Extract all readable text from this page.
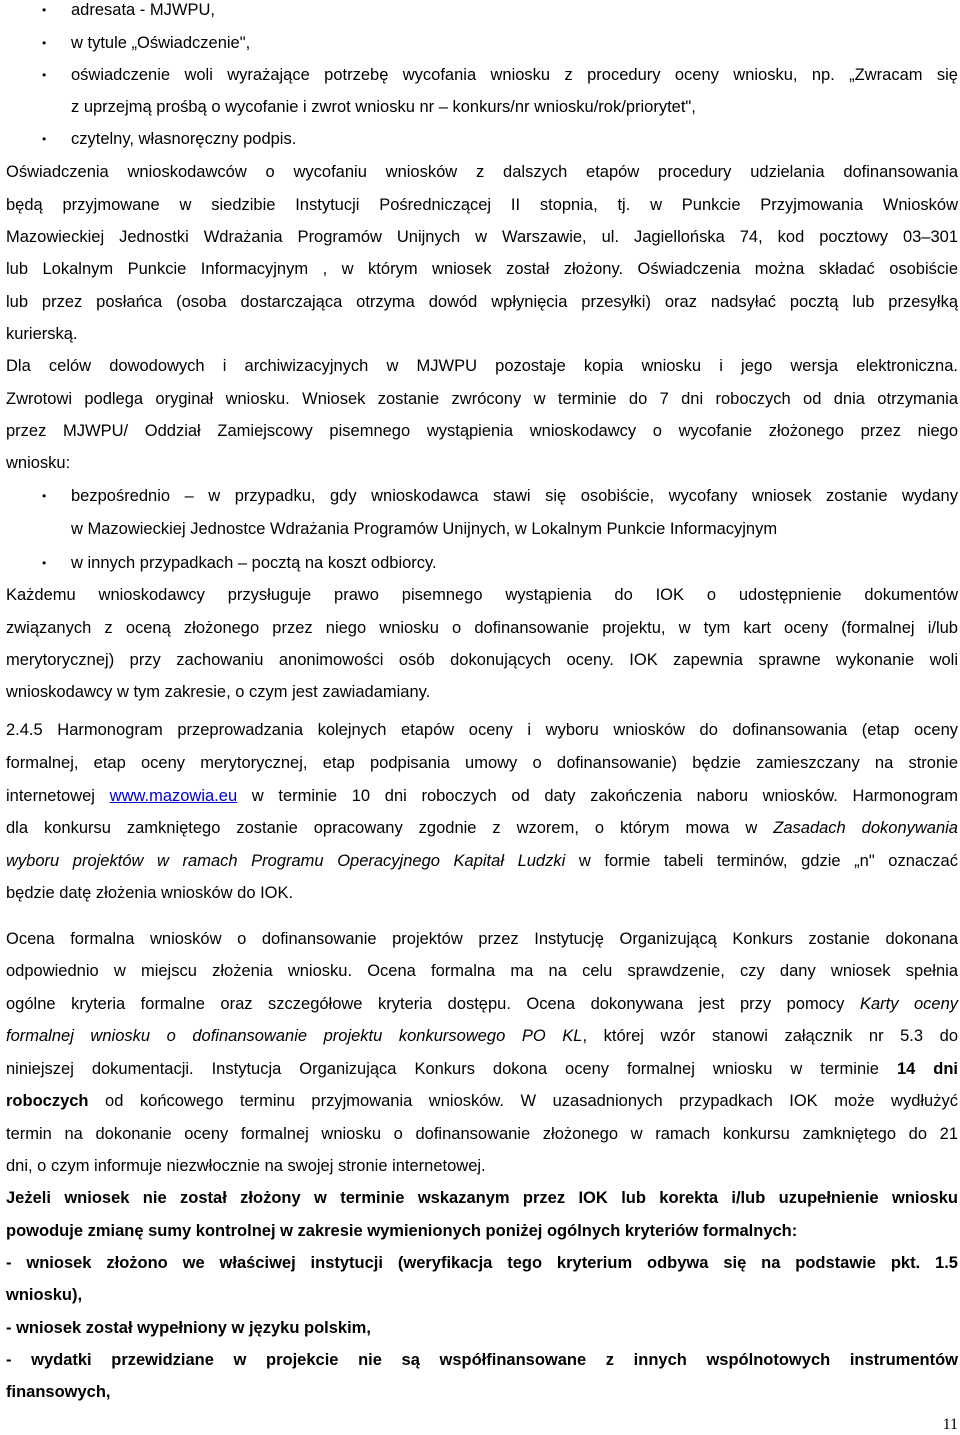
• adresata - MJWPU,
• w tytule „Oświadczenie",
• oświadczenie woli wyrażające potrzebę wycofania wniosku z procedury oceny wniosku, np. „Zwracam się
z uprzejmą prośbą o wycofanie i zwrot wniosku nr – konkurs/nr wniosku/rok/priorytet",
• czytelny, własnoręczny podpis.
Oświadczenia wnioskodawców o wycofaniu wniosków z dalszych etapów procedury udzielania dofinansowania
będą przyjmowane w siedzibie Instytucji Pośredniczącej II stopnia, tj. w Punkcie Przyjmowania Wniosków
Mazowieckiej Jednostki Wdrażania Programów Unijnych w Warszawie, ul. Jagiellońska 74, kod pocztowy 03–301
lub Lokalnym Punkcie Informacyjnym , w którym wniosek został złożony. Oświadczenia można składać osobiście
lub przez posłańca (osoba dostarczająca otrzyma dowód wpłynięcia przesyłki) oraz nadsyłać pocztą lub przesyłką
kurierską.
Dla celów dowodowych i archiwizacyjnych w MJWPU pozostaje kopia wniosku i jego wersja elektroniczna.
Zwrotowi podlega oryginał wniosku. Wniosek zostanie zwrócony w terminie do 7 dni roboczych od dnia otrzymania
przez MJWPU/ Oddział Zamiejscowy pisemnego wystąpienia wnioskodawcy o wycofanie złożonego przez niego
wniosku:
• bezpośrednio – w przypadku, gdy wnioskodawca stawi się osobiście, wycofany wniosek zostanie wydany
w Mazowieckiej Jednostce Wdrażania Programów Unijnych, w Lokalnym Punkcie Informacyjnym
• w innych przypadkach – pocztą na koszt odbiorcy.
Każdemu wnioskodawcy przysługuje prawo pisemnego wystąpienia do IOK o udostępnienie dokumentów
związanych z oceną złożonego przez niego wniosku o dofinansowanie projektu, w tym kart oceny (formalnej i/lub
merytorycznej) przy zachowaniu anonimowości osób dokonujących oceny. IOK zapewnia sprawne wykonanie woli
wnioskodawcy w tym zakresie, o czym jest zawiadamiany.
2.4.5 Harmonogram przeprowadzania kolejnych etapów oceny i wyboru wniosków do dofinansowania (etap oceny
formalnej, etap oceny merytorycznej, etap podpisania umowy o dofinansowanie) będzie zamieszczany na stronie
internetowej www.mazowia.eu w terminie 10 dni roboczych od daty zakończenia naboru wniosków. Harmonogram
dla konkursu zamkniętego zostanie opracowany zgodnie z wzorem, o którym mowa w Zasadach dokonywania
wyboru projektów w ramach Programu Operacyjnego Kapitał Ludzki w formie tabeli terminów, gdzie „n" oznaczać
będzie datę złożenia wniosków do IOK.
Ocena formalna wniosków o dofinansowanie projektów przez Instytucję Organizującą Konkurs zostanie dokonana
odpowiednio w miejscu złożenia wniosku. Ocena formalna ma na celu sprawdzenie, czy dany wniosek spełnia
ogólne kryteria formalne oraz szczegółowe kryteria dostępu. Ocena dokonywana jest przy pomocy Karty oceny
formalnej wniosku o dofinansowanie projektu konkursowego PO KL, której wzór stanowi załącznik nr 5.3 do
niniejszej dokumentacji. Instytucja Organizująca Konkurs dokona oceny formalnej wniosku w terminie 14 dni
roboczych od końcowego terminu przyjmowania wniosków. W uzasadnionych przypadkach IOK może wydłużyć
termin na dokonanie oceny formalnej wniosku o dofinansowanie złożonego w ramach konkursu zamkniętego do 21
dni, o czym informuje niezwłocznie na swojej stronie internetowej.
Jeżeli wniosek nie został złożony w terminie wskazanym przez IOK lub korekta i/lub uzupełnienie wniosku
powoduje zmianę sumy kontrolnej w zakresie wymienionych poniżej ogólnych kryteriów formalnych:
- wniosek złożono we właściwej instytucji (weryfikacja tego kryterium odbywa się na podstawie pkt. 1.5
wniosku),
- wniosek został wypełniony w języku polskim,
- wydatki przewidziane w projekcie nie są współfinansowane z innych wspólnotowych instrumentów
finansowych,
11
